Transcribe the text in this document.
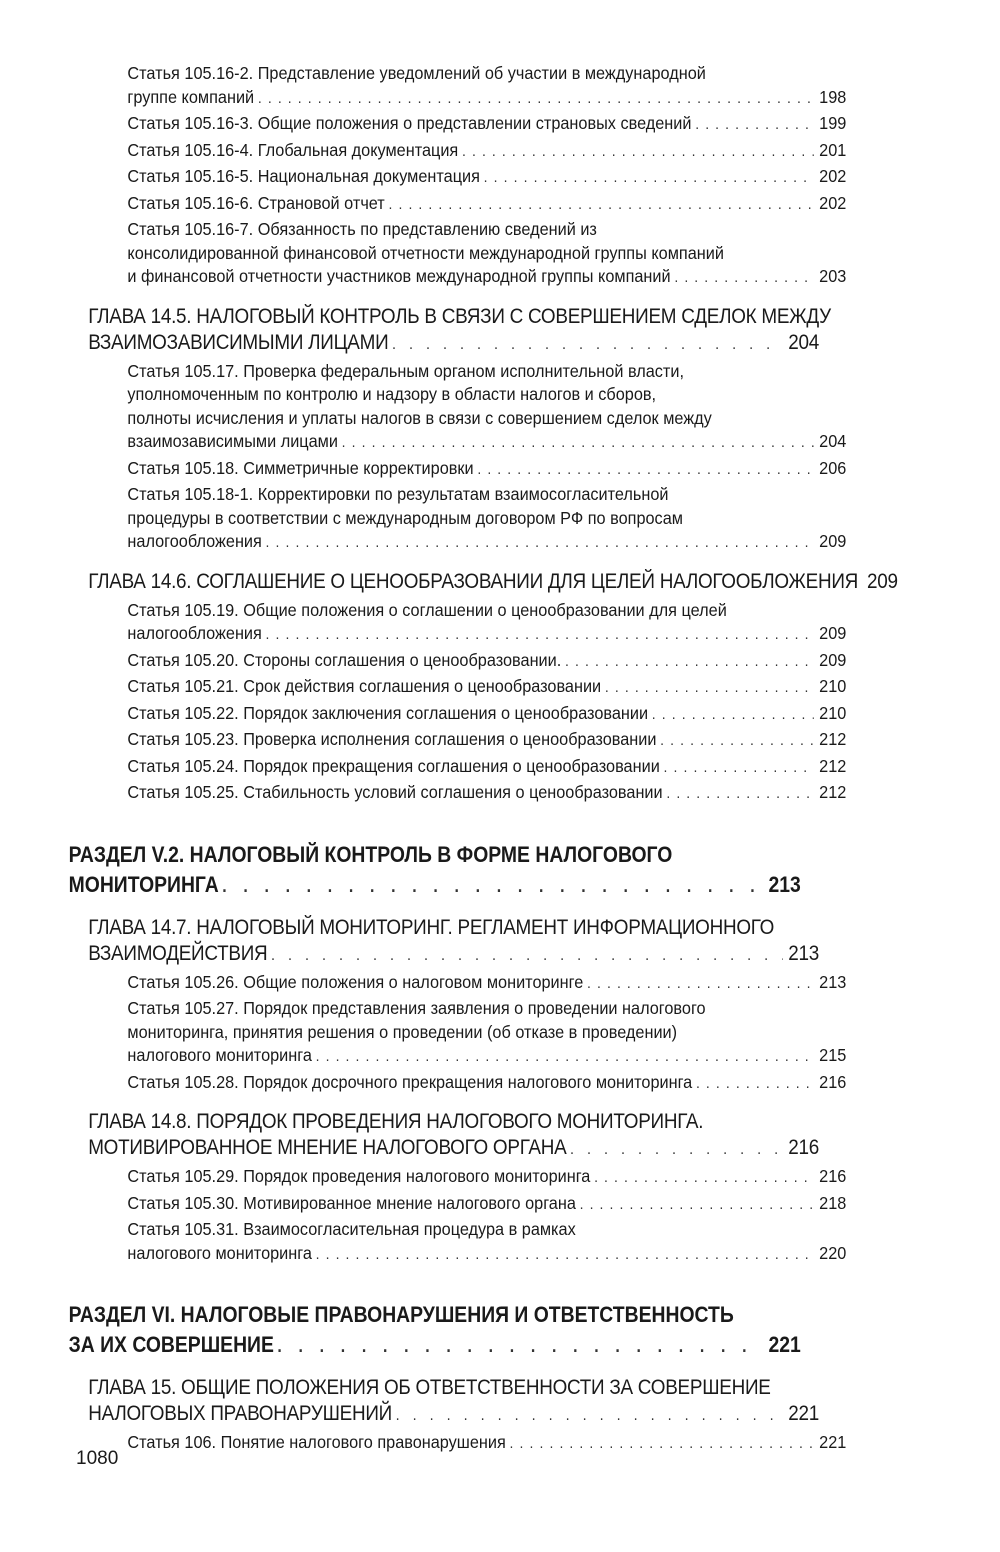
Статья 105.16-2. Представление уведомлений об участии в международной
группе компаний . . .	198
Статья 105.16-3. Общие положения о представлении страновых сведений . . .	199
Статья 105.16-4. Глобальная документация . . .	201
Статья 105.16-5. Национальная документация . . .	202
Статья 105.16-6. Страновой отчет . . .	202
Статья 105.16-7. Обязанность по представлению сведений из
консолидированной финансовой отчетности международной группы компаний
и финансовой отчетности участников международной группы компаний . . .	203
ГЛАВА 14.5. НАЛОГОВЫЙ КОНТРОЛЬ В СВЯЗИ С СОВЕРШЕНИЕМ СДЕЛОК МЕЖДУ
ВЗАИМОЗАВИСИМЫМИ ЛИЦАМИ . . .	204
Статья 105.17. Проверка федеральным органом исполнительной власти,
уполномоченным по контролю и надзору в области налогов и сборов,
полноты исчисления и уплаты налогов в связи с совершением сделок между
взаимозависимыми лицами . . .	204
Статья 105.18. Симметричные корректировки . . .	206
Статья 105.18-1. Корректировки по результатам взаимосогласительной
процедуры в соответствии с международным договором РФ по вопросам
налогообложения . . .	209
ГЛАВА 14.6. СОГЛАШЕНИЕ О ЦЕНООБРАЗОВАНИИ ДЛЯ ЦЕЛЕЙ НАЛОГООБЛОЖЕНИЯ 209
Статья 105.19. Общие положения о соглашении о ценообразовании для целей
налогообложения . . .	209
Статья 105.20. Стороны соглашения о ценообразовании. . . .	209
Статья 105.21. Срок действия соглашения о ценообразовании . . .	210
Статья 105.22. Порядок заключения соглашения о ценообразовании . . .	210
Статья 105.23. Проверка исполнения соглашения о ценообразовании . . .	212
Статья 105.24. Порядок прекращения соглашения о ценообразовании . . .	212
Статья 105.25. Стабильность условий соглашения о ценообразовании . . .	212
РАЗДЕЛ V.2. НАЛОГОВЫЙ КОНТРОЛЬ В ФОРМЕ НАЛОГОВОГО
МОНИТОРИНГА . . .	213
ГЛАВА 14.7. НАЛОГОВЫЙ МОНИТОРИНГ. РЕГЛАМЕНТ ИНФОРМАЦИОННОГО
ВЗАИМОДЕЙСТВИЯ . . .	213
Статья 105.26. Общие положения о налоговом мониторинге . . .	213
Статья 105.27. Порядок представления заявления о проведении налогового
мониторинга, принятия решения о проведении (об отказе в проведении)
налогового мониторинга . . .	215
Статья 105.28. Порядок досрочного прекращения налогового мониторинга . . .	216
ГЛАВА 14.8. ПОРЯДОК ПРОВЕДЕНИЯ НАЛОГОВОГО МОНИТОРИНГА.
МОТИВИРОВАННОЕ МНЕНИЕ НАЛОГОВОГО ОРГАНА . . .	216
Статья 105.29. Порядок проведения налогового мониторинга . . .	216
Статья 105.30. Мотивированное мнение налогового органа . . .	218
Статья 105.31. Взаимосогласительная процедура в рамках
налогового мониторинга . . .	220
РАЗДЕЛ VI. НАЛОГОВЫЕ ПРАВОНАРУШЕНИЯ И ОТВЕТСТВЕННОСТЬ
ЗА ИХ СОВЕРШЕНИЕ . . .	221
ГЛАВА 15. ОБЩИЕ ПОЛОЖЕНИЯ ОБ ОТВЕТСТВЕННОСТИ ЗА СОВЕРШЕНИЕ
НАЛОГОВЫХ ПРАВОНАРУШЕНИЙ . . .	221
Статья 106. Понятие налогового правонарушения . . .	221
1080
